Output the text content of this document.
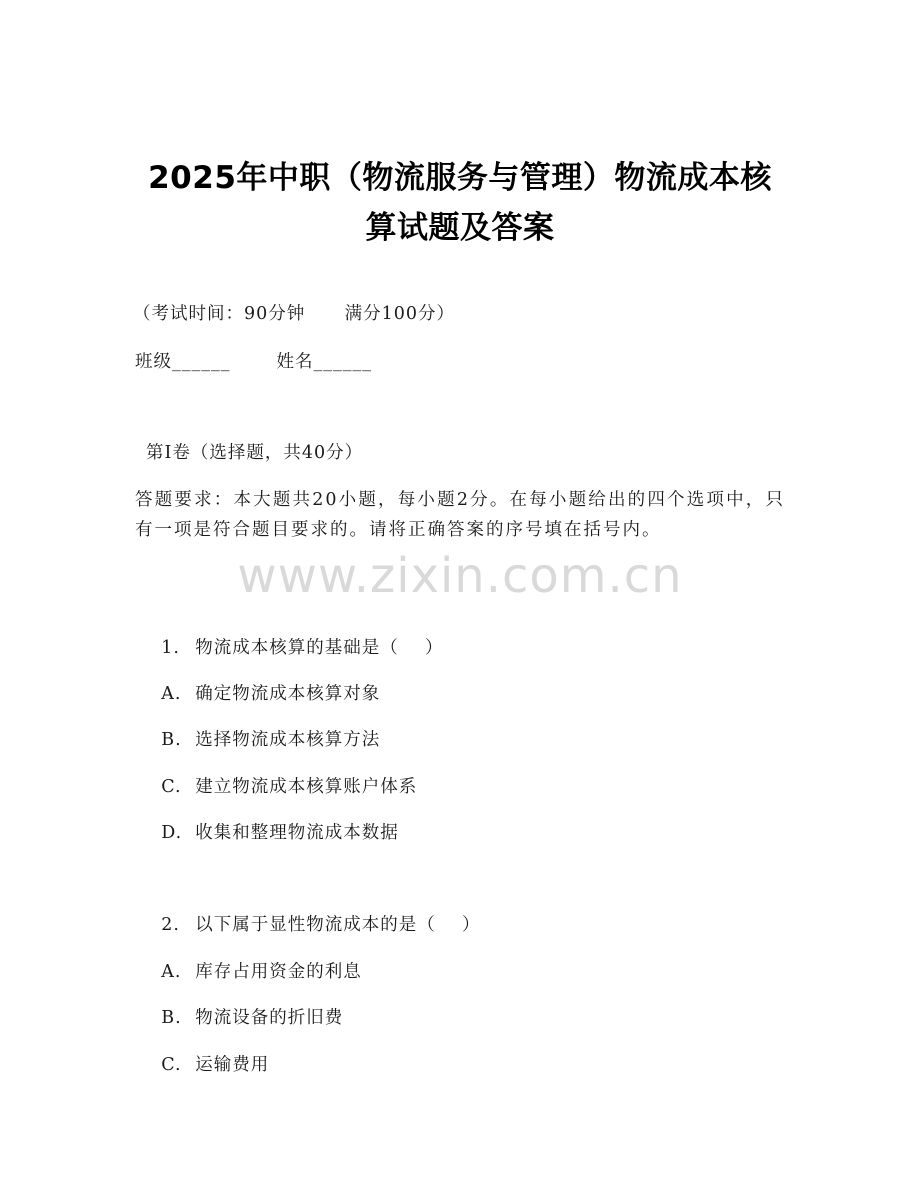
2025年中职（物流服务与管理）物流成本核
算试题及答案
（考试时间：90分钟      满分100分）
班级______       姓名______
第I卷（选择题，共40分）
答题要求：本大题共20小题，每小题2分。在每小题给出的四个选项中，只有一项是符合题目要求的。请将正确答案的序号填在括号内。
www.zixin.com.cn

1. 物流成本核算的基础是（    ）

A. 确定物流成本核算对象

B. 选择物流成本核算方法

C. 建立物流成本核算账户体系

D. 收集和整理物流成本数据

2. 以下属于显性物流成本的是（    ）

A. 库存占用资金的利息

B. 物流设备的折旧费

C. 运输费用
